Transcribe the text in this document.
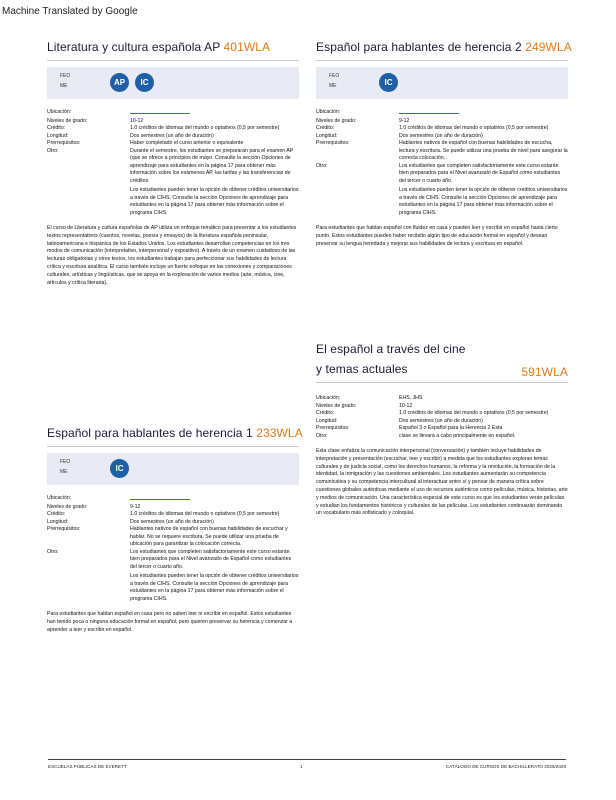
Machine Translated by Google
Literatura y cultura española AP 401WLA
FEO
ME	AP	IC
Ubicación:
Niveles de grado:	10-12
Crédito:	1.0 créditos de idiomas del mundo o optativos (0,5 por semestre)
Longitud:	Dos semestres (un año de duración)
Prerrequisitos:	Haber completado el curso anterior o equivalente
Otro:	Durante el semestre, los estudiantes se prepararán para el examen AP (que se ofrece a principios de mayo. Consulte la sección Opciones de aprendizaje para estudiantes en la página 17 para obtener más información sobre los exámenes AP, las tarifas y las transferencias de créditos.
Los estudiantes pueden tener la opción de obtener créditos universitarios a través de CIHS. Consulte la sección Opciones de aprendizaje para estudiantes en la página 17 para obtener más información sobre el programa CIHS.
El curso de Literatura y cultura españolas de AP utiliza un enfoque temático para presentar a los estudiantes textos representativos (cuentos, novelas, poesía y ensayos) de la literatura española peninsular, latinoamericana e hispánica de los Estados Unidos. Los estudiantes desarrollan competencias en los tres modos de comunicación (interpretativo, interpersonal y expositivo). A través de un examen cuidadoso de las lecturas obligatorias y otros textos, los estudiantes trabajan para perfeccionar sus habilidades de lectura crítica y escritura analítica. El curso también incluye un fuerte enfoque en las conexiones y comparaciones culturales, artísticas y lingüísticas, que se apoya en la exploración de varios medios (arte, música, cine, artículos y crítica literaria).
Español para hablantes de herencia 1 233WLA
FEO
ME	IC
Ubicación:
Niveles de grado:	9-12
Crédito:	1.0 créditos de idiomas del mundo o optativos (0,5 por semestre)
Longitud:	Dos semestres (un año de duración)
Prerrequisitos:	Hablantes nativos de español con buenas habilidades de escuchar y hablar. No se requiere escritura. Se puede utilizar una prueba de ubicación para garantizar la colocación correcta.
Otro:	Los estudiantes que completen satisfactoriamente este curso estarán bien preparados para el Nivel avanzado de Español como estudiantes del tercer o cuarto año.
Los estudiantes pueden tener la opción de obtener créditos universitarios a través de CIHS. Consulte la sección Opciones de aprendizaje para estudiantes en la página 17 para obtener más información sobre el programa CIHS.
Para estudiantes que hablan español en casa pero no saben leer ni escribir en español. Estos estudiantes han tenido poca o ninguna educación formal en español, pero quieren preservar su herencia y comenzar a aprender a leer y escribir en español.
Español para hablantes de herencia 2 249WLA
FEO
ME	IC
Ubicación:
Niveles de grado:	9-12
Crédito:	1.0 créditos de idiomas del mundo o optativos (0,5 por semestre)
Longitud:	Dos semestres (un año de duración)
Prerrequisitos:	Hablantes nativos de español con buenas habilidades de escucha, lectura y escritura. Se puede utilizar una prueba de nivel para asegurar la correcta colocación.
Otro:	Los estudiantes que completen satisfactoriamente este curso estarán bien preparados para el Nivel avanzado de Español como estudiantes del tercer o cuarto año.
Los estudiantes pueden tener la opción de obtener créditos universitarios a través de CIHS. Consulte la sección Opciones de aprendizaje para estudiantes en la página 17 para obtener más información sobre el programa CIHS.
Para estudiantes que hablan español con fluidez en casa y pueden leer y escribir en español hasta cierto punto. Estos estudiantes pueden haber recibido algún tipo de educación formal en español y desean preservar su lengua heredada y mejorar sus habilidades de lectura y escritura en español.
El español a través del cine
y temas actuales	591WLA
Ubicación:	EHS, JHS
Niveles de grado:	10-12
Crédito:	1.0 créditos de idiomas del mundo o optativos (0,5 por semestre)
Longitud:	Dos semestres (un año de duración)
Prerrequisitos:	Español 3 o Español para la Herencia 2 Esta
Otro:	clase se llevará a cabo principalmente en español.
Esta clase enfatiza la comunicación interpersonal (conversación) y también incluye habilidades de interpretación y presentación (escuchar, leer y escribir) a medida que los estudiantes exploran temas culturales y de justicia social, como los derechos humanos, la reforma y la revolución, la formación de la identidad, la inmigración y las cuestiones ambientales. Los estudiantes aumentarán su competencia comunicativa y su competencia intercultural al interactuar entre sí y pensar de manera crítica sobre cuestiones globales auténticas mediante el uso de recursos auténticos como películas, música, historias, arte y medios de comunicación. Una característica especial de este curso es que los estudiantes verán películas y estudian los fundamentos históricos y culturales de las películas. Los estudiantes continuarán dominando un vocabulario más sofisticado y coloquial.
ESCUELAS PÚBLICAS DE EVERETT	1	CATÁLOGO DE CURSOS DE BACHILLERATO 2025/2026
